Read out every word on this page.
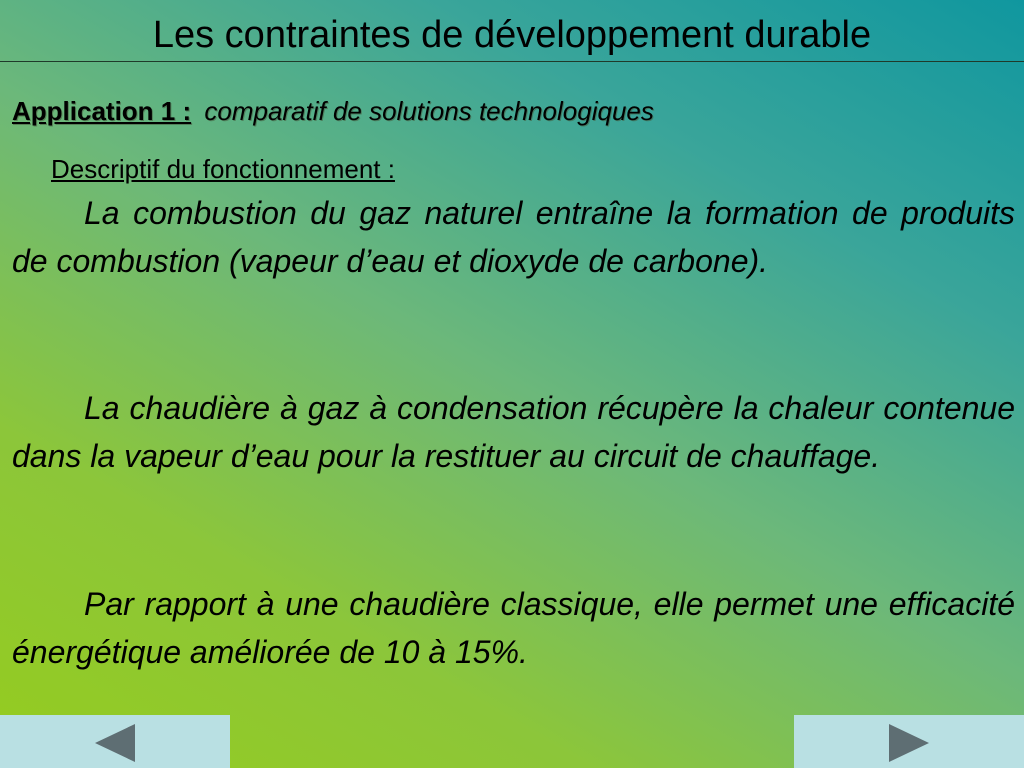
Les contraintes de développement durable
Application 1 : comparatif de solutions technologiques
Descriptif du fonctionnement :

La combustion du gaz naturel entraîne la formation de produits de combustion (vapeur d’eau et dioxyde de carbone).

La chaudière à gaz à condensation récupère la chaleur contenue dans la vapeur d’eau pour la restituer au circuit de chauffage.

Par rapport à une chaudière classique, elle permet une efficacité énergétique améliorée de 10 à 15%.
